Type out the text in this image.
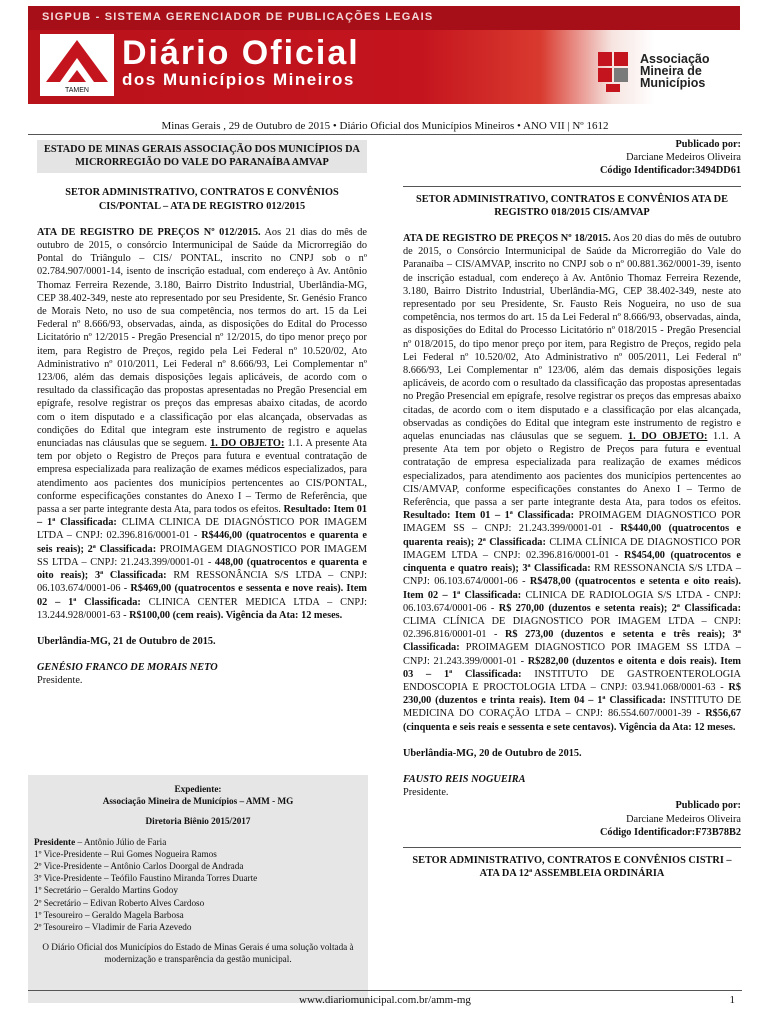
SIGPUB - SISTEMA GERENCIADOR DE PUBLICAÇÕES LEGAIS
TAMEN
Diário Oficial
dos Municípios Mineiros
Associação
Mineira de
Municípios
Minas Gerais , 29 de Outubro de 2015 • Diário Oficial dos Municípios Mineiros • ANO VII | Nº 1612
ESTADO DE MINAS GERAIS ASSOCIAÇÃO DOS MUNICÍPIOS DA MICRORREGIÃO DO VALE DO PARANAÍBA AMVAP

SETOR ADMINISTRATIVO, CONTRATOS E CONVÊNIOS CIS/PONTAL – ATA DE REGISTRO 012/2015

ATA DE REGISTRO DE PREÇOS Nº 012/2015. Aos 21 dias do mês de outubro de 2015, o consórcio Intermunicipal de Saúde da Microrregião do Pontal do Triângulo – CIS/ PONTAL, inscrito no CNPJ sob o nº 02.784.907/0001-14, isento de inscrição estadual, com endereço à Av. Antônio Thomaz Ferreira Rezende, 3.180, Bairro Distrito Industrial, Uberlândia-MG, CEP 38.402-349, neste ato representado por seu Presidente, Sr. Genésio Franco de Morais Neto, no uso de sua competência, nos termos do art. 15 da Lei Federal nº 8.666/93, observadas, ainda, as disposições do Edital do Processo Licitatório nº 12/2015 - Pregão Presencial nº 12/2015, do tipo menor preço por item, para Registro de Preços, regido pela Lei Federal nº 10.520/02, Ato Administrativo nº 010/2011, Lei Federal nº 8.666/93, Lei Complementar nº 123/06, além das demais disposições legais aplicáveis, de acordo com o resultado da classificação das propostas apresentadas no Pregão Presencial em epígrafe, resolve registrar os preços das empresas abaixo citadas, de acordo com o item disputado e a classificação por elas alcançada, observadas as condições do Edital que integram este instrumento de registro e aquelas enunciadas nas cláusulas que se seguem. 1. DO OBJETO: 1.1. A presente Ata tem por objeto o Registro de Preços para futura e eventual contratação de empresa especializada para realização de exames médicos especializados, para atendimento aos pacientes dos municípios pertencentes ao CIS/PONTAL, conforme especificações constantes do Anexo I – Termo de Referência, que passa a ser parte integrante desta Ata, para todos os efeitos. Resultado: Item 01 – 1ª Classificada: CLIMA CLINICA DE DIAGNÓSTICO POR IMAGEM LTDA – CNPJ: 02.396.816/0001-01 - R$446,00 (quatrocentos e quarenta e seis reais); 2ª Classificada: PROIMAGEM DIAGNOSTICO POR IMAGEM SS LTDA – CNPJ: 21.243.399/0001-01 - 448,00 (quatrocentos e quarenta e oito reais); 3ª Classificada: RM RESSONÂNCIA S/S LTDA – CNPJ: 06.103.674/0001-06 - R$469,00 (quatrocentos e sessenta e nove reais). Item 02 – 1ª Classificada: CLINICA CENTER MEDICA LTDA – CNPJ: 13.244.928/0001-63 - R$100,00 (cem reais). Vigência da Ata: 12 meses.

Uberlândia-MG, 21 de Outubro de 2015.

GENÉSIO FRANCO DE MORAIS NETO

Presidente.

Expediente:

Associação Mineira de Municípios – AMM - MG

Diretoria Biênio 2015/2017

Presidente – Antônio Júlio de Faria

1º Vice-Presidente – Rui Gomes Nogueira Ramos

2º Vice-Presidente – Antônio Carlos Doorgal de Andrada

3º Vice-Presidente – Teófilo Faustino Miranda Torres Duarte

1º Secretário – Geraldo Martins Godoy

2º Secretário – Edivan Roberto Alves Cardoso

1º Tesoureiro – Geraldo Magela Barbosa

2º Tesoureiro – Vladimir de Faria Azevedo

O Diário Oficial dos Municípios do Estado de Minas Gerais é uma solução voltada à modernização e transparência da gestão municipal.

Publicado por:

Darciane Medeiros Oliveira

Código Identificador:3494DD61

SETOR ADMINISTRATIVO, CONTRATOS E CONVÊNIOS ATA DE REGISTRO 018/2015 CIS/AMVAP

ATA DE REGISTRO DE PREÇOS Nº 18/2015. Aos 20 dias do mês de outubro de 2015, o Consórcio Intermunicipal de Saúde da Microrregião do Vale do Paranaíba – CIS/AMVAP, inscrito no CNPJ sob o nº 00.881.362/0001-39, isento de inscrição estadual, com endereço à Av. Antônio Thomaz Ferreira Rezende, 3.180, Bairro Distrito Industrial, Uberlândia-MG, CEP 38.402-349, neste ato representado por seu Presidente, Sr. Fausto Reis Nogueira, no uso de sua competência, nos termos do art. 15 da Lei Federal nº 8.666/93, observadas, ainda, as disposições do Edital do Processo Licitatório nº 018/2015 - Pregão Presencial nº 018/2015, do tipo menor preço por item, para Registro de Preços, regido pela Lei Federal nº 10.520/02, Ato Administrativo nº 005/2011, Lei Federal nº 8.666/93, Lei Complementar nº 123/06, além das demais disposições legais aplicáveis, de acordo com o resultado da classificação das propostas apresentadas no Pregão Presencial em epígrafe, resolve registrar os preços das empresas abaixo citadas, de acordo com o item disputado e a classificação por elas alcançada, observadas as condições do Edital que integram este instrumento de registro e aquelas enunciadas nas cláusulas que se seguem. 1. DO OBJETO: 1.1. A presente Ata tem por objeto o Registro de Preços para futura e eventual contratação de empresa especializada para realização de exames médicos especializados, para atendimento aos pacientes dos municípios pertencentes ao CIS/AMVAP, conforme especificações constantes do Anexo I – Termo de Referência, que passa a ser parte integrante desta Ata, para todos os efeitos. Resultado: Item 01 – 1ª Classificada: PROIMAGEM DIAGNOSTICO POR IMAGEM SS – CNPJ: 21.243.399/0001-01 - R$440,00 (quatrocentos e quarenta reais); 2ª Classificada: CLIMA CLÍNICA DE DIAGNOSTICO POR IMAGEM LTDA – CNPJ: 02.396.816/0001-01 - R$454,00 (quatrocentos e cinquenta e quatro reais); 3ª Classificada: RM RESSONANCIA S/S LTDA – CNPJ: 06.103.674/0001-06 - R$478,00 (quatrocentos e setenta e oito reais). Item 02 – 1ª Classificada: CLINICA DE RADIOLOGIA S/S LTDA - CNPJ: 06.103.674/0001-06 - R$ 270,00 (duzentos e setenta reais); 2ª Classificada: CLIMA CLÍNICA DE DIAGNOSTICO POR IMAGEM LTDA – CNPJ: 02.396.816/0001-01 - R$ 273,00 (duzentos e setenta e três reais); 3ª Classificada: PROIMAGEM DIAGNOSTICO POR IMAGEM SS LTDA – CNPJ: 21.243.399/0001-01 - R$282,00 (duzentos e oitenta e dois reais). Item 03 – 1ª Classificada: INSTITUTO DE GASTROENTEROLOGIA ENDOSCOPIA E PROCTOLOGIA LTDA – CNPJ: 03.941.068/0001-63 - R$ 230,00 (duzentos e trinta reais). Item 04 – 1ª Classificada: INSTITUTO DE MEDICINA DO CORAÇÃO LTDA – CNPJ: 86.554.607/0001-39 - R$56,67 (cinquenta e seis reais e sessenta e sete centavos). Vigência da Ata: 12 meses.

Uberlândia-MG, 20 de Outubro de 2015.

FAUSTO REIS NOGUEIRA

Presidente.

Publicado por:

Darciane Medeiros Oliveira

Código Identificador:F73B78B2

SETOR ADMINISTRATIVO, CONTRATOS E CONVÊNIOS CISTRI – ATA DA 12ª ASSEMBLEIA ORDINÁRIA

www.diariomunicipal.com.br/amm-mg	1
